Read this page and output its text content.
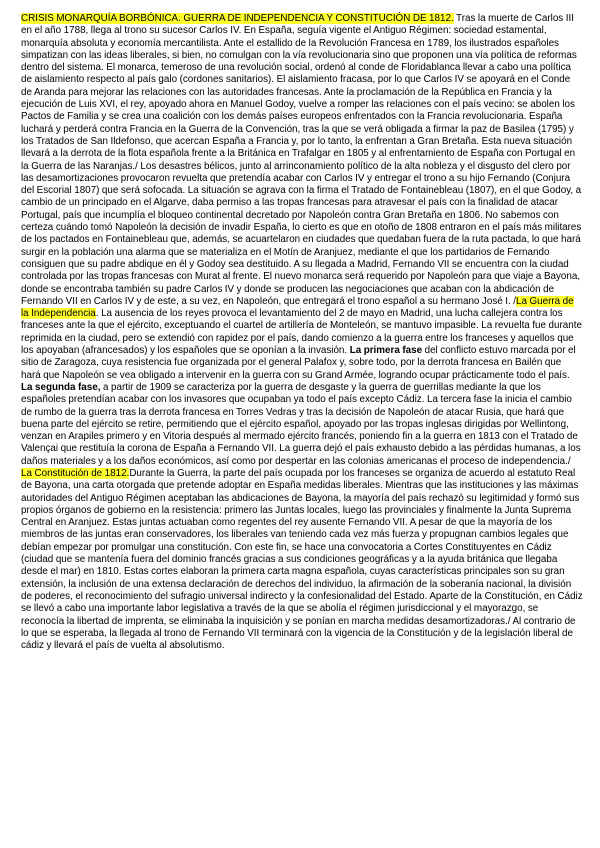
CRISIS MONARQUÍA BORBÓNICA. GUERRA DE INDEPENDENCIA Y CONSTITUCIÓN DE 1812. Tras la muerte de Carlos III en el año 1788, llega al trono su sucesor Carlos IV. En España, seguía vigente el Antiguo Régimen: sociedad estamental, monarquía absoluta y economía mercantilista. Ante el estallido de la Revolución Francesa en 1789, los ilustrados españoles simpatizan con las ideas liberales, si bien, no comulgan con la vía revolucionaria sino que proponen una vía política de reformas dentro del sistema. El monarca, temeroso de una revolución social, ordenó al conde de Floridablanca llevar a cabo una política de aislamiento respecto al país galo (cordones sanitarios). El aislamiento fracasa, por lo que Carlos IV se apoyará en el Conde de Aranda para mejorar las relaciones con las autoridades francesas. Ante la proclamación de la República en Francia y la ejecución de Luis XVI, el rey, apoyado ahora en Manuel Godoy, vuelve a romper las relaciones con el país vecino: se abolen los Pactos de Familia y se crea una coalición con los demás países europeos enfrentados con la Francia revolucionaria. España luchará y perderá contra Francia en la Guerra de la Convención, tras la que se verá obligada a firmar la paz de Basilea (1795) y los Tratados de San Ildefonso, que acercan España a Francia y, por lo tanto, la enfrentan a Gran Bretaña. Esta nueva situación llevará a la derrota de la flota española frente a la Británica en Trafalgar en 1805 y al enfrentamiento de España con Portugal en la Guerra de las Naranjas./ Los desastres bélicos, junto al arrinconamiento político de la alta nobleza y el disgusto del clero por las desamortizaciones provocaron revuelta que pretendía acabar con Carlos IV y entregar el trono a su hijo Fernando (Conjura del Escorial 1807) que será sofocada. La situación se agrava con la firma el Tratado de Fontainebleau (1807), en el que Godoy, a cambio de un principado en el Algarve, daba permiso a las tropas francesas para atravesar el país con la finalidad de atacar Portugal, país que incumplía el bloqueo continental decretado por Napoleón contra Gran Bretaña en 1806. No sabemos con certeza cuándo tomó Napoleón la decisión de invadir España, lo cierto es que en otoño de 1808 entraron en el país más militares de los pactados en Fontainebleau que, además, se acuartelaron en ciudades que quedaban fuera de la ruta pactada, lo que hará surgir en la población una alarma que se materializa en el Motín de Aranjuez, mediante el que los partidarios de Fernando consiguen que su padre abdique en él y Godoy sea destituido. A su llegada a Madrid, Fernando VII se encuentra con la ciudad controlada por las tropas francesas con Murat al frente. El nuevo monarca será requerido por Napoleón para que viaje a Bayona, donde se encontraba también su padre Carlos IV y donde se producen las negociaciones que acaban con la abdicación de Fernando VII en Carlos IV y de este, a su vez, en Napoleón, que entregará el trono español a su hermano José I. /La Guerra de la Independencia. La ausencia de los reyes provoca el levantamiento del 2 de mayo en Madrid, una lucha callejera contra los franceses ante la que el ejército, exceptuando el cuartel de artillería de Monteleón, se mantuvo impasible. La revuelta fue durante reprimida en la ciudad, pero se extendió con rapidez por el país, dando comienzo a la guerra entre los franceses y aquellos que los apoyaban (afrancesados) y los españoles que se oponían a la invasión. La primera fase del conflicto estuvo marcada por el sitio de Zaragoza, cuya resistencia fue organizada por el general Palafox y, sobre todo, por la derrota francesa en Bailén que hará que Napoleón se vea obligado a intervenir en la guerra con su Grand Armée, logrando ocupar prácticamente todo el país. La segunda fase, a partir de 1909 se caracteriza por la guerra de desgaste y la guerra de guerrillas mediante la que los españoles pretendían acabar con los invasores que ocupaban ya todo el país excepto Cádiz. La tercera fase la inicia el cambio de rumbo de la guerra tras la derrota francesa en Torres Vedras y tras la decisión de Napoleón de atacar Rusia, que hará que buena parte del ejército se retire, permitiendo que el ejército español, apoyado por las tropas inglesas dirigidas por Wellintong, venzan en Arapiles primero y en Vitoria después al mermado ejército francés, poniendo fin a la guerra en 1813 con el Tratado de Valençai que restituía la corona de España a Fernando VII. La guerra dejó el país exhausto debido a las pérdidas humanas, a los daños materiales y a los daños económicos, así como por despertar en las colonias americanas el proceso de independencia./ La Constitución de 1812.Durante la Guerra, la parte del país ocupada por los franceses se organiza de acuerdo al estatuto Real de Bayona, una carta otorgada que pretende adoptar en España medidas liberales. Mientras que las instituciones y las máximas autoridades del Antiguo Régimen aceptaban las abdicaciones de Bayona, la mayoría del país rechazó su legitimidad y formó sus propios órganos de gobierno en la resistencia: primero las Juntas locales, luego las provinciales y finalmente la Junta Suprema Central en Aranjuez. Estas juntas actuaban como regentes del rey ausente Fernando VII. A pesar de que la mayoría de los miembros de las juntas eran conservadores, los liberales van teniendo cada vez más fuerza y propugnan cambios legales que debían empezar por promulgar una constitución. Con este fin, se hace una convocatoria a Cortes Constituyentes en Cádiz (ciudad que se mantenía fuera del dominio francés gracias a sus condiciones geográficas y a la ayuda británica que llegaba desde el mar) en 1810. Estas cortes elaboran la primera carta magna española, cuyas características principales son su gran extensión, la inclusión de una extensa declaración de derechos del individuo, la afirmación de la soberanía nacional, la división de poderes, el reconocimiento del sufragio universal indirecto y la confesionalidad del Estado. Aparte de la Constitución, en Cádiz se llevó a cabo una importante labor legislativa a través de la que se abolía el régimen jurisdiccional y el mayorazgo, se reconocía la libertad de imprenta, se eliminaba la inquisición y se ponían en marcha medidas desamortizadoras./ Al contrario de lo que se esperaba, la llegada al trono de Fernando VII terminará con la vigencia de la Constitución y de la legislación liberal de cádiz y llevará el país de vuelta al absolutismo.
